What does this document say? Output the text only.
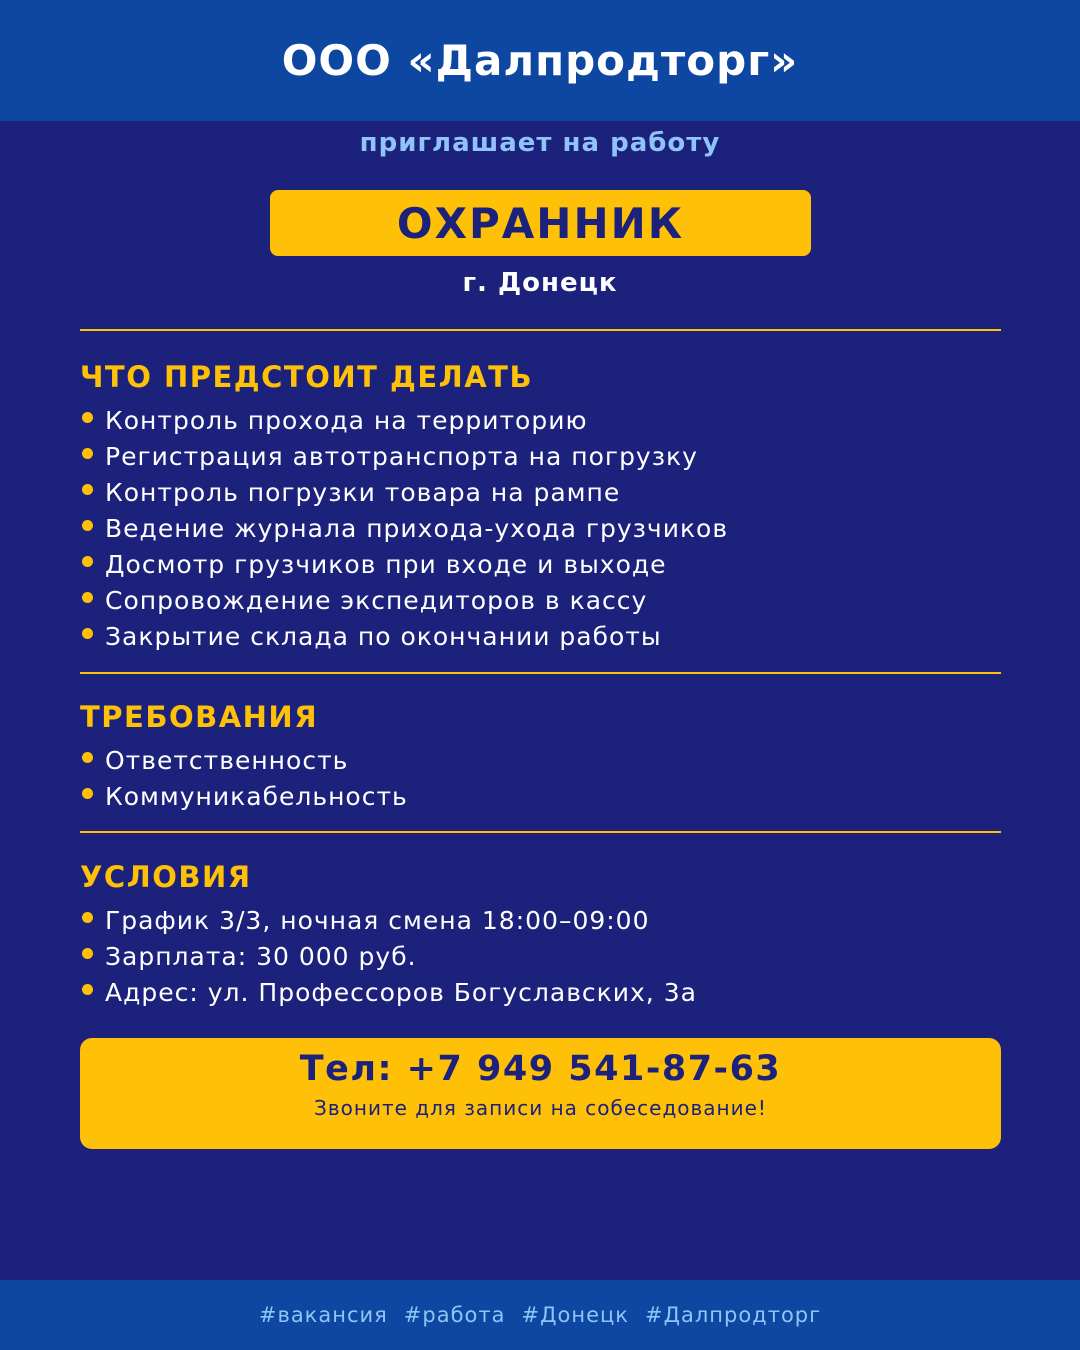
ООО «Далпродторг»
приглашает на работу
ОХРАННИК
г. Донецк
ЧТО ПРЕДСТОИТ ДЕЛАТЬ
Контроль прохода на территорию
Регистрация автотранспорта на погрузку
Контроль погрузки товара на рампе
Ведение журнала прихода-ухода грузчиков
Досмотр грузчиков при входе и выходе
Сопровождение экспедиторов в кассу
Закрытие склада по окончании работы
ТРЕБОВАНИЯ
Ответственность
Коммуникабельность
УСЛОВИЯ
График 3/3, ночная смена 18:00–09:00
Зарплата: 30 000 руб.
Адрес: ул. Профессоров Богуславских, 3а
Тел: +7 949 541-87-63
Звоните для записи на собеседование!
#вакансия #работа #Донецк #Далпродторг
